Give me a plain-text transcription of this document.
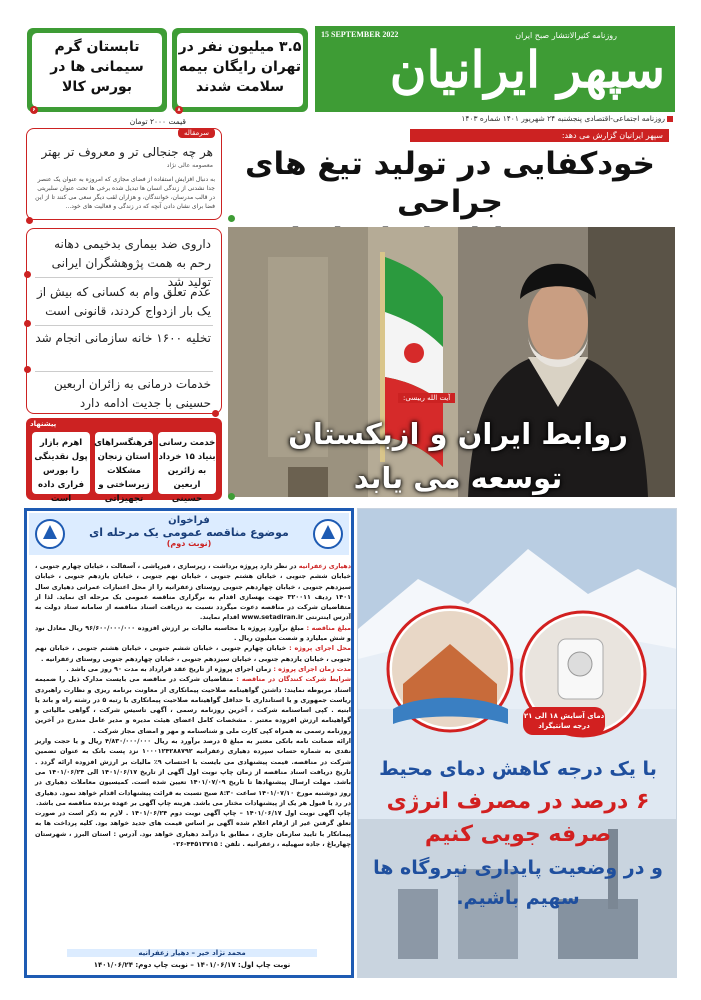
15 SEPTEMBER 2022	روزنامه کثیرالانتشار صبح ایران
سپهر ایرانیان
روزنامه اجتماعی-اقتصادی پنجشنبه ۲۴ شهریور ۱۴۰۱ شماره ۱۴۰۳
۳.۵ میلیون نفر در تهران رایگان بیمه سلامت شدند
۸
تابستان گرم سیمانی ها در بورس کالا
۶
قیمت ۲۰۰۰ تومان
سرمقاله
هر چه جنجالی تر و معروف تر بهتر
معصومه عالی نژاد
به دنبال افزایش استفاده از فضای مجازی که امروزه به عنوان یک عنصر جدا نشدنی از زندگی انسان ها تبدیل شده برخی ها تحت عنوان سلبریتی در قالب مدرسان، خوانندگان، و هزاران لقب دیگر سعی می کنند تا از این فضا برای نشان دادن آنچه که در زندگی و فعالیت های خود...
داروی ضد بیماری بدخیمی دهانه رحم به همت پژوهشگران ایرانی تولید شد
عدم تعلق وام به کسانی که بیش از یک بار ازدواج کردند، قانونی است
تخلیه ۱۶۰۰ خانه سازمانی انجام شد
خدمات درمانی به زائران اربعین حسینی با جدیت ادامه دارد
پیشنهاد
خدمت رسانی بنیاد ۱۵ خرداد به زائرین اربعین حسینی
فرهنگسراهای استان زنجان مشکلات زیرساختی و تجهیزاتی
اهرم بازار پول نقدینگی را بورس فراری داده است
سپهر ایرانیان گزارش می دهد:
خودکفایی در تولید تیغ های جراحی
آیت الله رییسی:
روابط ایران و ازبکستان
توسعه می یابد
فراخوان
موضوع مناقصه عمومی یک مرحله ای
(نوبت دوم)
دهیاری زعفرانیه در نظر دارد پروژه برداشت ، زیرسازی ، قیرپاشی ، آسفالت ، خیابان چهارم جنوبی ، خیابان ششم جنوبی ، خیابان هشتم جنوبی ، خیابان نهم جنوبی ، خیابان یازدهم جنوبی ، خیابان سیزدهم جنوبی ، خیابان چهاردهم جنوبی روستای زعفرانیه را از محل اعتبارات عمرانی دهیاری سال ۱۴۰۱ ردیف ۳۲۰۰۱۱ جهت بهسازی اقدام به برگزاری مناقصه عمومی یک مرحله ای نماید. لذا از متقاضیان شرکت در مناقصه دعوت میگردد نسبت به دریافت اسناد مناقصه از سامانه ستاد دولت به آدرس اینترنتی www.setadiran.ir اقدام نمایند.
مبلغ مناقصه : مبلغ برآورد پروژه با محاسبه مالیات بر ارزش افزوده ۹۶/۶۰۰/۰۰۰/۰۰۰ ریال معادل نود و شش میلیارد و شصت میلیون ریال .
محل اجرای پروژه : خیابان چهارم جنوبی ، خیابان ششم جنوبی ، خیابان هشتم جنوبی ، خیابان نهم جنوبی ، خیابان یازدهم جنوبی ، خیابان سیزدهم جنوبی ، خیابان چهاردهم جنوبی روستای زعفرانیه .
مدت زمان اجرای پروژه : زمان اجرای پروژه از تاریخ عقد قرارداد به مدت ۹۰ روز می باشد .
شرایط شرکت کنندگان در مناقصه : متقاضیان شرکت در مناقصه می بایست مدارک ذیل را ضمیمه اسناد مربوطه نمایند: داشتن گواهینامه صلاحیت پیمانکاری از معاونت برنامه ریزی و نظارت راهبردی ریاست جمهوری و یا استانداری با حداقل گواهینامه صلاحیت پیمانکاری با رتبه ۵ در رشته راه و باند یا ابنیه . کپی اساسنامه شرکت ، آخرین روزنامه رسمی ، آگهی تاسیس شرکت ، گواهی مالیاتی و گواهینامه ارزش افزوده معتبر . مشخصات کامل اعضای هیئت مدیره و مدیر عامل مندرج در آخرین روزنامه رسمی به همراه کپی کارت ملی و شناسنامه و مهر و امضای مجاز شرکت .
ارائه ضمانت نامه بانکی معتبر به مبلغ ۵ درصد برآورد به ریال ۴/۸۳۰/۰۰۰/۰۰۰ ریال و یا حجت واریز نقدی به شماره حساب سپرده دهیاری زعفرانیه ۱۰۰۰۱۲۴۲۸۸۷۹۲ نزد پست بانک به عنوان تضمین شرکت در مناقصه. قیمت پیشنهادی می بایست با احتساب ۹٪ مالیات بر ارزش افزوده ارائه گردد . تاریخ دریافت اسناد مناقصه از زمان چاپ نوبت اول آگهی از تاریخ ۱۴۰۱/۰۶/۱۷ الی ۱۴۰۱/۰۶/۲۴ می باشد. مهلت ارسال پیشنهادها تا تاریخ ۱۴۰۱/۰۷/۰۹ تعیین شده است. کمیسیون معاملات دهیاری در روز دوشنبه مورخ ۱۴۰۱/۰۷/۱۰ ساعت ۸:۳۰ صبح نسبت به قرائت پیشنهادات اقدام خواهد نمود. دهیاری در رد یا قبول هر یک از پیشنهادات مختار می باشد. هزینه چاپ آگهی بر عهده برنده مناقصه می باشد.
چاپ آگهی نوبت اول ۱۴۰۱/۰۶/۱۷ – چاپ آگهی نوبت دوم ۱۴۰۱/۰۶/۲۴ . لازم به ذکر است در صورت تعلق گرفتن غیر از ارقام اعلام شده آگهی بر اساس قیمت های جدید خواهد بود. کلیه پرداخت ها به پیمانکار با تایید سازمان جاری ، مطابق با درآمد دهیاری خواهد بود. آدرس : استان البرز ، شهرستان چهارباغ ، جاده سهیلیه ، زعفرانیه . تلفن : ۴۴۵۱۳۷۱۵-۰۲۶
محمد نژاد خیر – دهیار زعفرانیه
نوبت چاپ اول: ۱۴۰۱/۰۶/۱۷ – نوبت چاپ دوم: ۱۴۰۱/۰۶/۲۴
دمای آسایش ۱۸ الی ۲۱ درجه سانتیگراد
با یک درجه کاهش دمای محیط
۶ درصد در مصرف انرژی
صرفه جویی کنیم
و در وضعیت پایداری نیروگاه ها
سهیم باشیم.
